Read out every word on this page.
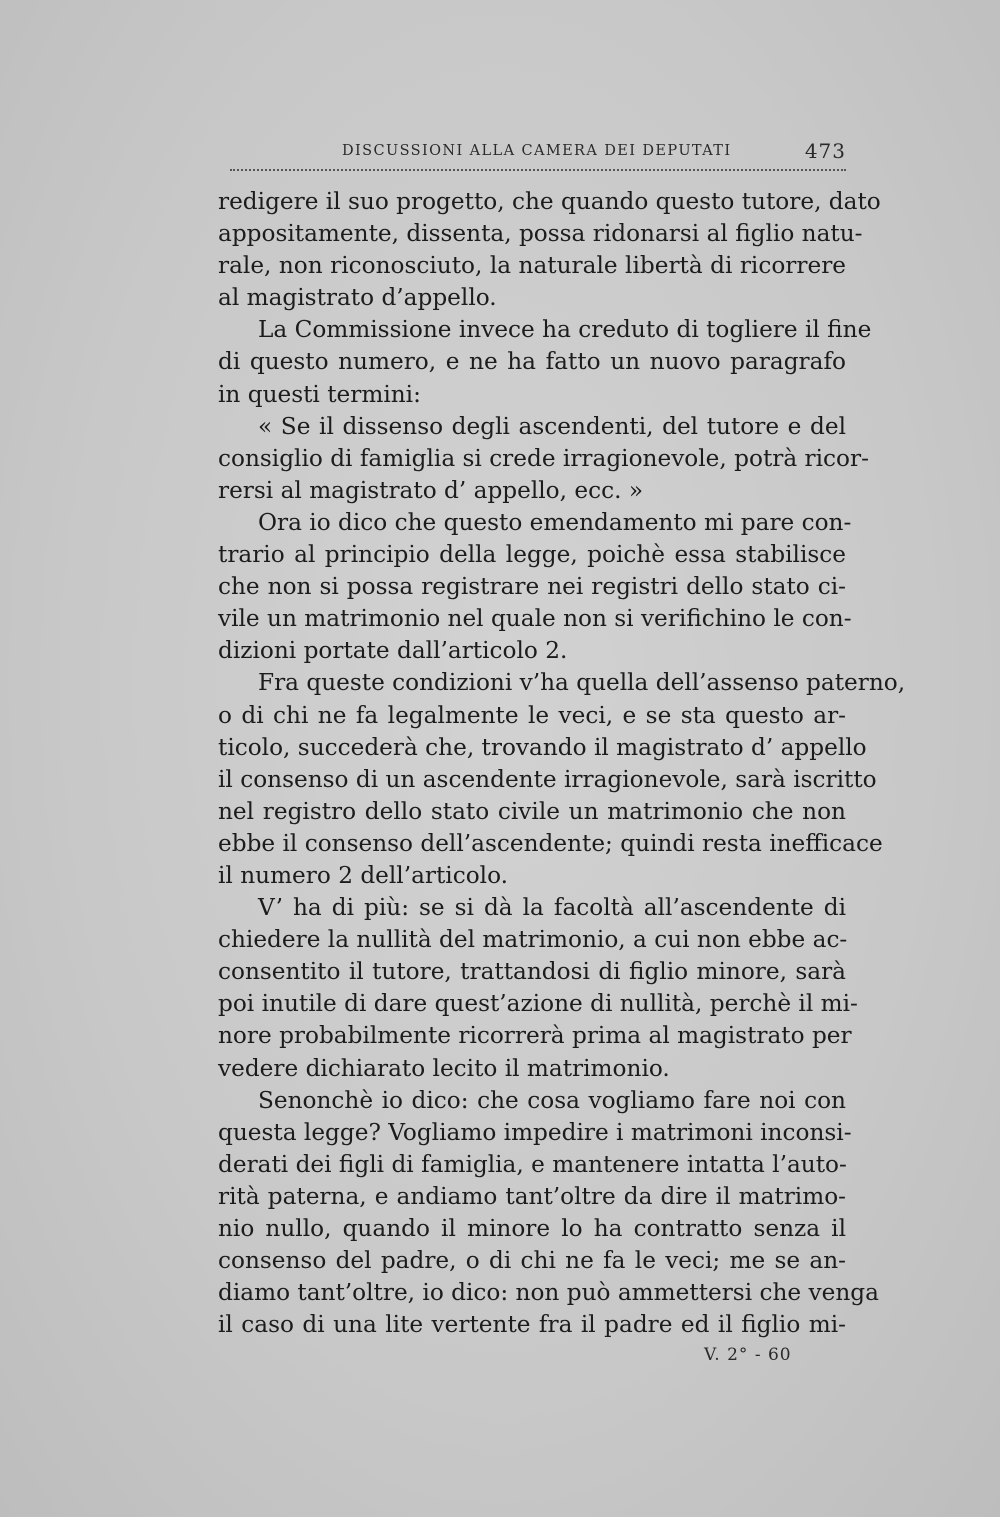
DISCUSSIONI ALLA CAMERA DEI DEPUTATI	473
redigere il suo progetto, che quando questo tutore, dato
appositamente, dissenta, possa ridonarsi al figlio natu-
rale, non riconosciuto, la naturale libertà di ricorrere
al magistrato d’appello.
La Commissione invece ha creduto di togliere il fine
di questo numero, e ne ha fatto un nuovo paragrafo
in questi termini:
« Se il dissenso degli ascendenti, del tutore e del
consiglio di famiglia si crede irragionevole, potrà ricor-
rersi al magistrato d’ appello, ecc. »
Ora io dico che questo emendamento mi pare con-
trario al principio della legge, poichè essa stabilisce
che non si possa registrare nei registri dello stato ci-
vile un matrimonio nel quale non si verifichino le con-
dizioni portate dall’articolo 2.
Fra queste condizioni v’ha quella dell’assenso paterno,
o di chi ne fa legalmente le veci, e se sta questo ar-
ticolo, succederà che, trovando il magistrato d’ appello
il consenso di un ascendente irragionevole, sarà iscritto
nel registro dello stato civile un matrimonio che non
ebbe il consenso dell’ascendente; quindi resta inefficace
il numero 2 dell’articolo.
V’ ha di più: se si dà la facoltà all’ascendente di
chiedere la nullità del matrimonio, a cui non ebbe ac-
consentito il tutore, trattandosi di figlio minore, sarà
poi inutile di dare quest’azione di nullità, perchè il mi-
nore probabilmente ricorrerà prima al magistrato per
vedere dichiarato lecito il matrimonio.
Senonchè io dico: che cosa vogliamo fare noi con
questa legge? Vogliamo impedire i matrimoni inconsi-
derati dei figli di famiglia, e mantenere intatta l’auto-
rità paterna, e andiamo tant’oltre da dire il matrimo-
nio nullo, quando il minore lo ha contratto senza il
consenso del padre, o di chi ne fa le veci; me se an-
diamo tant’oltre, io dico: non può ammettersi che venga
il caso di una lite vertente fra il padre ed il figlio mi-
V. 2° - 60
